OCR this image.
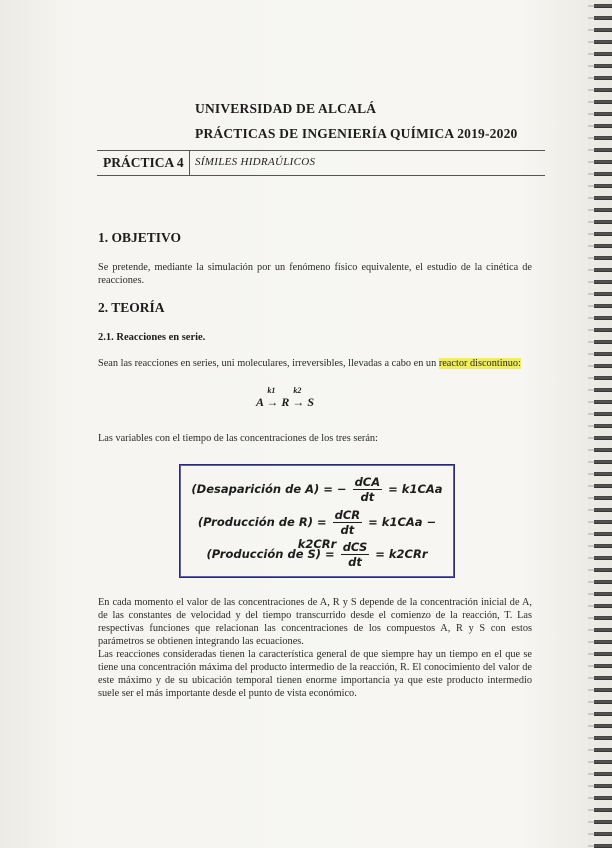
UNIVERSIDAD DE ALCALÁ
PRÁCTICAS DE INGENIERÍA QUÍMICA 2019-2020
PRÁCTICA 4 SÍMILES HIDRAÚLICOS
1. OBJETIVO
Se pretende, mediante la simulación por un fenómeno físico equivalente, el estudio de la cinética de reacciones.
2. TEORÍA
2.1. Reacciones en serie.
Sean las reacciones en series, uni moleculares, irreversibles, llevadas a cabo en un reactor discontinuo:
A
k1
→ R
k2
→ S
Las variables con el tiempo de las concentraciones de los tres serán:
(Desaparición de A) = − $\frac{\text{dCA}}{dt} = k1CAa$
(Producción de $R) = \frac{\text{dCR}}{dt} = k1CAa - k2CRr$
(Producción de $S) = \frac{\text{dCS}}{dt} = k2CRr$
En cada momento el valor de las concentraciones de A, R y S depende de la concentración inicial de A, de las constantes de velocidad y del tiempo transcurrido desde el comienzo de la reacción, T. Las respectivas funciones que relacionan las concentraciones de los compuestos A, R y S con estos parámetros se obtienen integrando las ecuaciones.
Las reacciones consideradas tienen la característica general de que siempre hay un tiempo en el que se tiene una concentración máxima del producto intermedio de la reacción, R. El conocimiento del valor de este máximo y de su ubicación temporal tienen enorme importancia ya que este producto intermedio suele ser el más importante desde el punto de vista económico.
